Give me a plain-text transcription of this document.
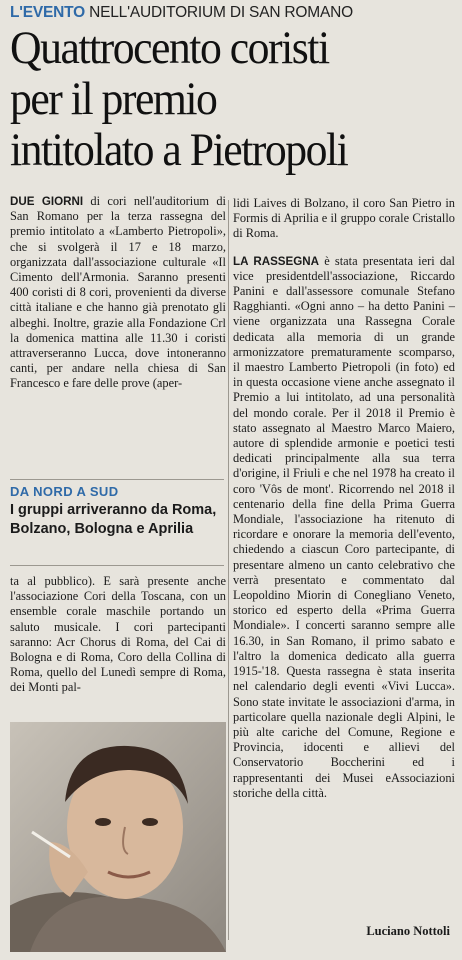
L'EVENTO NELL'AUDITORIUM DI SAN ROMANO
Quattrocento coristi
per il premio
intitolato a Pietropoli

DUE GIORNI di cori nell'auditorium di San Romano per la terza rassegna del premio intitolato a «Lamberto Pietropoli», che si svolgerà il 17 e 18 marzo, organizzata dall'associazione culturale «Il Cimento dell'Armonia. Saranno presenti 400 coristi di 8 cori, provenienti da diverse città italiane e che hanno già prenotato gli albeghi. Inoltre, grazie alla Fondazione Crl la domenica mattina alle 11.30 i coristi attraverseranno Lucca, dove intoneranno canti, per andare nella chiesa di San Francesco e fare delle prove (aper-

DA NORD A SUD
I gruppi arriveranno da Roma, Bolzano, Bologna e Aprilia

ta al pubblico). E sarà presente anche l'associazione Cori della Toscana, con un ensemble corale maschile portando un saluto musicale. I cori partecipanti saranno: Acr Chorus di Roma, del Cai di Bologna e di Roma, Coro della Collina di Roma, quello del Lunedì sempre di Roma, dei Monti pal-

lidi Laives di Bolzano, il coro San Pietro in Formis di Aprilia e il gruppo corale Cristallo di Roma.

LA RASSEGNA è stata presentata ieri dal vice presidentdell'associazione, Riccardo Panini e dall'assessore comunale Stefano Ragghianti. «Ogni anno – ha detto Panini – viene organizzata una Rassegna Corale dedicata alla memoria di un grande armonizzatore prematuramente scomparso, il maestro Lamberto Pietropoli (in foto) ed in questa occasione viene anche assegnato il Premio a lui intitolato, ad una personalità del mondo corale. Per il 2018 il Premio è stato assegnato al Maestro Marco Maiero, autore di splendide armonie e poetici testi dedicati principalmente alla sua terra d'origine, il Friuli e che nel 1978 ha creato il coro 'Vôs de mont'. Ricorrendo nel 2018 il centenario della fine della Prima Guerra Mondiale, l'associazione ha ritenuto di ricordare e onorare la memoria dell'evento, chiedendo a ciascun Coro partecipante, di presentare almeno un canto celebrativo che verrà presentato e commentato dal Leopoldino Miorin di Conegliano Veneto, storico ed esperto della «Prima Guerra Mondiale». I concerti saranno sempre alle 16.30, in San Romano, il primo sabato e l'altro la domenica dedicato alla guerra 1915-'18. Questa rassegna è stata inserita nel calendario degli eventi «Vivi Lucca». Sono state invitate le associazioni d'arma, in particolare quella nazionale degli Alpini, le più alte cariche del Comune, Regione e Provincia, idocenti e allievi del Conservatorio Boccherini ed i rappresentanti dei Musei eAssociazioni storiche della città.

Luciano Nottoli
